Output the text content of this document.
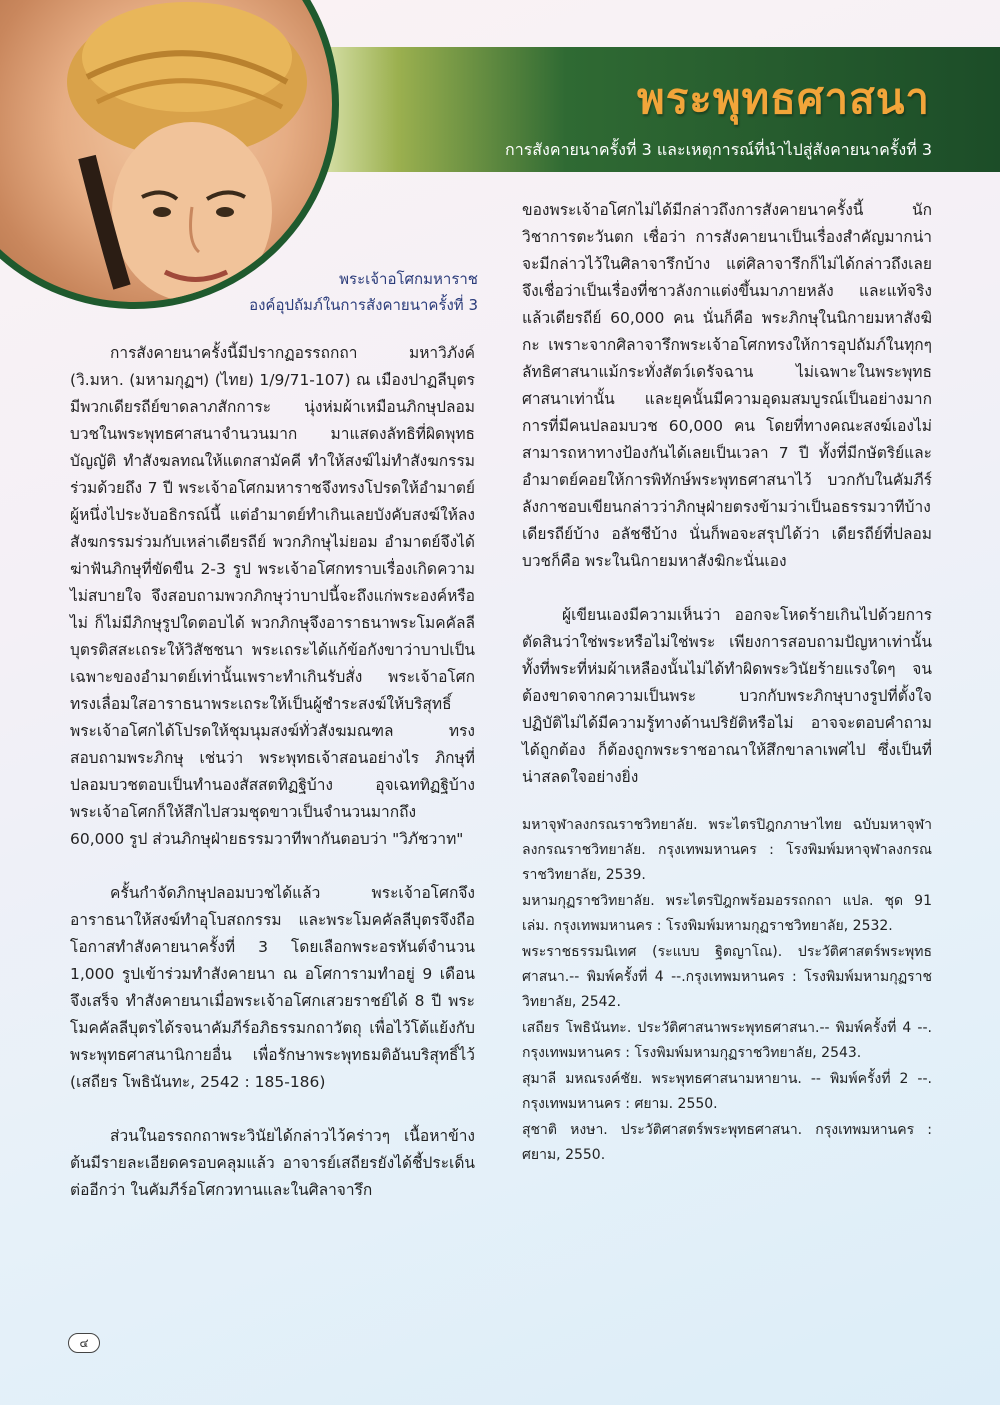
พระพุทธศาสนา

การสังคายนาครั้งที่ 3 และเหตุการณ์ที่นำไปสู่สังคายนาครั้งที่ 3

พระเจ้าอโศกมหาราช
องค์อุปถัมภ์ในการสังคายนาครั้งที่ 3

การสังคายนาครั้งนี้มีปรากฏอรรถกถา มหาวิภังค์ (วิ.มหา. (มหามกุฏฯ) (ไทย) 1/9/71-107) ณ เมืองปาฏลีบุตรมีพวกเดียรถีย์ขาดลาภสักการะ นุ่งห่มผ้าเหมือนภิกษุปลอมบวชในพระพุทธศาสนาจำนวนมาก มาแสดงลัทธิที่ผิดพุทธบัญญัติ ทำสังฆลทณให้แตกสามัคคี ทำให้สงฆ์ไม่ทำสังฆกรรมร่วมด้วยถึง 7 ปี พระเจ้าอโศกมหาราชจึงทรงโปรดให้อำมาตย์ผู้หนึ่งไประงับอธิกรณ์นี้ แต่อำมาตย์ทำเกินเลยบังคับสงฆ์ให้ลงสังฆกรรมร่วมกับเหล่าเดียรถีย์ พวกภิกษุไม่ยอม อำมาตย์จึงได้ฆ่าฟันภิกษุที่ขัดขืน 2-3 รูป พระเจ้าอโศกทราบเรื่องเกิดความไม่สบายใจ จึงสอบถามพวกภิกษุว่าบาปนี้จะถึงแก่พระองค์หรือไม่ ก็ไม่มีภิกษุรูปใดตอบได้ พวกภิกษุจึงอาราธนาพระโมคคัลลีบุตรติสสะเถระให้วิสัชชนา พระเถระได้แก้ข้อกังขาว่าบาปเป็นเฉพาะของอำมาตย์เท่านั้นเพราะทำเกินรับสั่ง พระเจ้าอโศกทรงเลื่อมใสอาราธนาพระเถระให้เป็นผู้ชำระสงฆ์ให้บริสุทธิ์ พระเจ้าอโศกได้โปรดให้ชุมนุมสงฆ์ทั่วสังฆมณฑล ทรงสอบถามพระภิกษุ เช่นว่า พระพุทธเจ้าสอนอย่างไร ภิกษุที่ปลอมบวชตอบเป็นทำนองสัสสตทิฏฐิบ้าง อุจเฉททิฏฐิบ้าง พระเจ้าอโศกก็ให้สึกไปสวมชุดขาวเป็นจำนวนมากถึง 60,000 รูป ส่วนภิกษุฝ่ายธรรมวาทีพากันตอบว่า "วิภัชวาท"

ครั้นกำจัดภิกษุปลอมบวชได้แล้ว พระเจ้าอโศกจึงอาราธนาให้สงฆ์ทำอุโบสถกรรม และพระโมคคัลลีบุตรจึงถือโอกาสทำสังคายนาครั้งที่ 3 โดยเลือกพระอรหันต์จำนวน 1,000 รูปเข้าร่วมทำสังคายนา ณ อโศการามทำอยู่ 9 เดือนจึงเสร็จ ทำสังคายนาเมื่อพระเจ้าอโศกเสวยราชย์ได้ 8 ปี พระโมคคัลลีบุตรได้รจนาคัมภีร์อภิธรรมกถาวัตถุ เพื่อไว้โต้แย้งกับพระพุทธศาสนานิกายอื่น เพื่อรักษาพระพุทธมติอันบริสุทธิ์ไว้ (เสถียร โพธินันทะ, 2542 : 185-186)

ส่วนในอรรถกถาพระวินัยได้กล่าวไว้คร่าวๆ เนื้อหาข้างต้นมีรายละเอียดครอบคลุมแล้ว อาจารย์เสถียรยังได้ชี้ประเด็นต่ออีกว่า ในคัมภีร์อโศกวทานและในศิลาจารึก

ของพระเจ้าอโศกไม่ได้มีกล่าวถึงการสังคายนาครั้งนี้ นักวิชาการตะวันตก เชื่อว่า การสังคายนาเป็นเรื่องสำคัญมากน่าจะมีกล่าวไว้ในศิลาจารึกบ้าง แต่ศิลาจารึกก็ไม่ได้กล่าวถึงเลย จึงเชื่อว่าเป็นเรื่องที่ชาวลังกาแต่งขึ้นมาภายหลัง และแท้จริงแล้วเดียรถีย์ 60,000 คน นั่นก็คือ พระภิกษุในนิกายมหาสังฆิกะ เพราะจากศิลาจารึกพระเจ้าอโศกทรงให้การอุปถัมภ์ในทุกๆ ลัทธิศาสนาแม้กระทั่งสัตว์เดรัจฉาน ไม่เฉพาะในพระพุทธศาสนาเท่านั้น และยุคนั้นมีความอุดมสมบูรณ์เป็นอย่างมาก การที่มีคนปลอมบวช 60,000 คน โดยที่ทางคณะสงฆ์เองไม่สามารถหาทางป้องกันได้เลยเป็นเวลา 7 ปี ทั้งที่มีกษัตริย์และอำมาตย์คอยให้การพิทักษ์พระพุทธศาสนาไว้ บวกกับในคัมภีร์ลังกาชอบเขียนกล่าวว่าภิกษุฝ่ายตรงข้ามว่าเป็นอธรรมวาทีบ้าง เดียรถีย์บ้าง อลัชชีบ้าง นั่นก็พอจะสรุปได้ว่า เดียรถีย์ที่ปลอมบวชก็คือ พระในนิกายมหาสังฆิกะนั่นเอง

ผู้เขียนเองมีความเห็นว่า ออกจะโหดร้ายเกินไปด้วยการตัดสินว่าใช่พระหรือไม่ใช่พระ เพียงการสอบถามปัญหาเท่านั้น ทั้งที่พระที่ห่มผ้าเหลืองนั้นไม่ได้ทำผิดพระวินัยร้ายแรงใดๆ จนต้องขาดจากความเป็นพระ บวกกับพระภิกษุบางรูปที่ตั้งใจปฏิบัติไม่ได้มีความรู้ทางด้านปริยัติหรือไม่ อาจจะตอบคำถามได้ถูกต้อง ก็ต้องถูกพระราชอาณาให้สึกขาลาเพศไป ซึ่งเป็นที่น่าสลดใจอย่างยิ่ง

มหาจุฬาลงกรณราชวิทยาลัย. พระไตรปิฎกภาษาไทย ฉบับมหาจุฬาลงกรณราชวิทยาลัย. กรุงเทพมหานคร : โรงพิมพ์มหาจุฬาลงกรณราชวิทยาลัย, 2539.

มหามกุฏราชวิทยาลัย. พระไตรปิฎกพร้อมอรรถกถา แปล. ชุด 91 เล่ม. กรุงเทพมหานคร : โรงพิมพ์มหามกุฏราชวิทยาลัย, 2532.

พระราชธรรมนิเทศ (ระแบบ ฐิตญาโณ). ประวัติศาสตร์พระพุทธศาสนา.-- พิมพ์ครั้งที่ 4 --.กรุงเทพมหานคร : โรงพิมพ์มหามกุฏราชวิทยาลัย, 2542.

เสถียร โพธินันทะ. ประวัติศาสนาพระพุทธศาสนา.-- พิมพ์ครั้งที่ 4 --. กรุงเทพมหานคร : โรงพิมพ์มหามกุฏราชวิทยาลัย, 2543.

สุมาลี มหณรงค์ชัย. พระพุทธศาสนามหายาน. -- พิมพ์ครั้งที่ 2 --. กรุงเทพมหานคร : ศยาม. 2550.

สุชาติ หงษา. ประวัติศาสตร์พระพุทธศาสนา. กรุงเทพมหานคร : ศยาม, 2550.

๔
